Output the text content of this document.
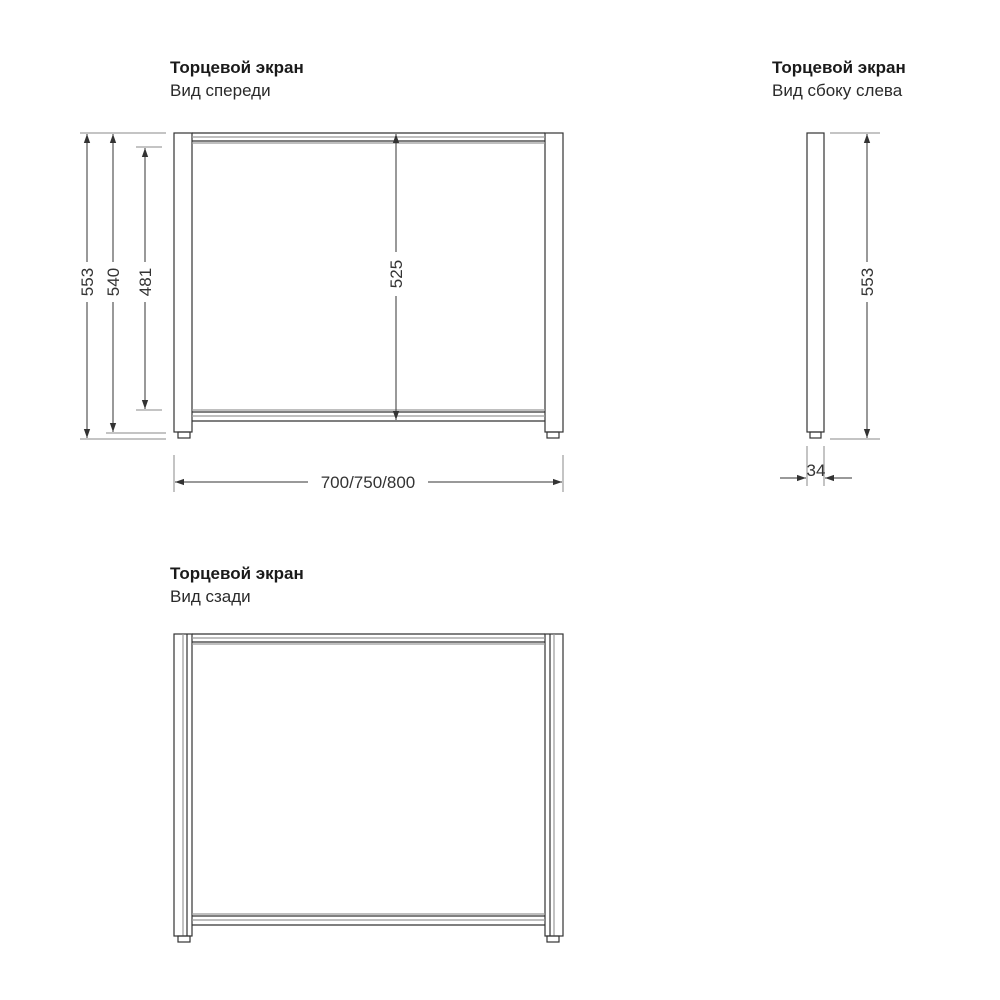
Торцевой экран
Вид спереди
Торцевой экран
Вид сбоку слева
Торцевой экран
Вид сзади
553 540 481	525
700/750/800
553
34
